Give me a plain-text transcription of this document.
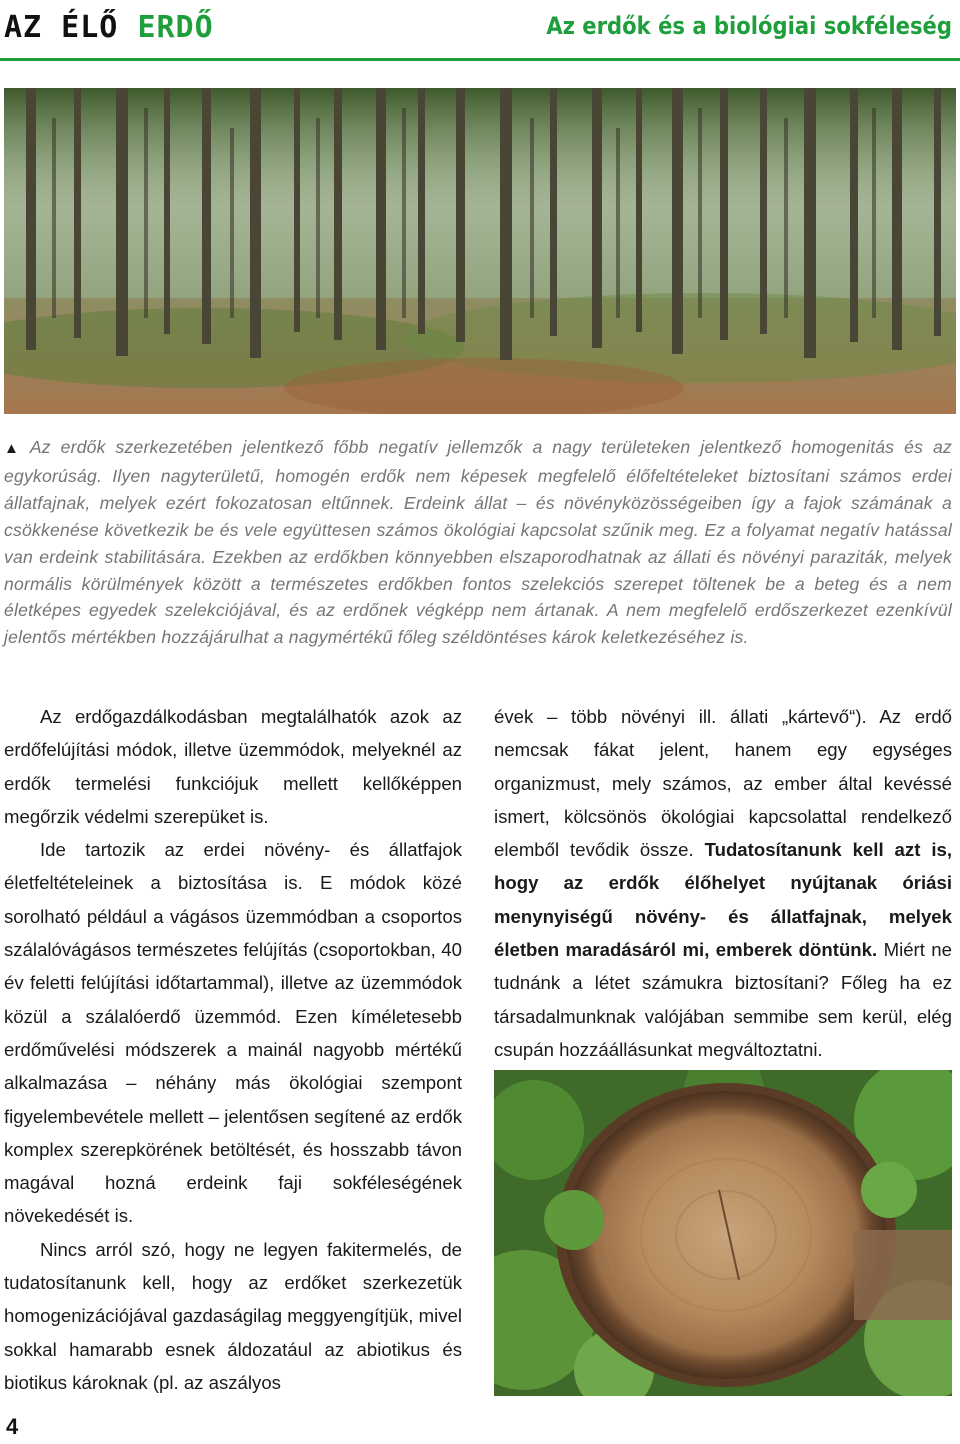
AZ ÉLŐ ERDŐ	Az erdők és a biológiai sokféleség
▲ Az erdők szerkezetében jelentkező főbb negatív jellemzők a nagy területeken jelentkező homogenitás és az egykorúság. Ilyen nagyterületű, homogén erdők nem képesek megfelelő élőfeltételeket biztosítani számos erdei állatfajnak, melyek ezért fokozatosan eltűnnek. Erdeink állat – és növényközösségeiben így a fajok számának a csökkenése következik be és vele együttesen számos ökológiai kapcsolat szűnik meg. Ez a folyamat negatív hatással van erdeink stabilitására. Ezekben az erdőkben könnyebben elszaporodhatnak az állati és növényi paraziták, melyek normális körülmények között a természetes erdőkben fontos szelekciós szerepet töltenek be a beteg és a nem életképes egyedek szelekciójával, és az erdőnek végképp nem ártanak. A nem megfelelő erdőszerkezet ezenkívül jelentős mértékben hozzájárulhat a nagymértékű főleg széldöntéses károk keletkezéséhez is.

Az erdőgazdálkodásban megtalálhatók azok az erdőfelújítási módok, illetve üzemmódok, melyeknél az erdők termelési funkciójuk mellett kellőképpen megőrzik védelmi szerepüket is.

Ide tartozik az erdei növény- és állatfajok életfeltételeinek a biztosítása is. E módok közé sorolható például a vágásos üzemmódban a csoportos szálalóvágásos természetes felújítás (csoportokban, 40 év feletti felújítási időtartammal), illetve az üzemmódok közül a szálalóerdő üzemmód. Ezen kíméletesebb erdőművelési módszerek a mainál nagyobb mértékű alkalmazása – néhány más ökológiai szempont figyelembevétele mellett – jelentősen segítené az erdők komplex szerepkörének betöltését, és hosszabb távon magával hozná erdeink faji sokféleségének növekedését is.

Nincs arról szó, hogy ne legyen fakitermelés, de tudatosítanunk kell, hogy az erdőket szerkezetük homogenizációjával gazdaságilag meggyengítjük, mivel sokkal hamarabb esnek áldozatául az abiotikus és biotikus károknak (pl. az aszályos

évek – több növényi ill. állati „kártevő“). Az erdő nemcsak fákat jelent, hanem egy egységes organizmust, mely számos, az ember által kevéssé ismert, kölcsönös ökológiai kapcsolattal rendelkező elemből tevődik össze. Tudatosítanunk kell azt is, hogy az erdők élőhelyet nyújtanak óriási menynyiségű növény- és állatfajnak, melyek életben maradásáról mi, emberek döntünk. Miért ne tudnánk a létet számukra biztosítani? Főleg ha ez társadalmunknak valójában semmibe sem kerül, elég csupán hozzáállásunkat megváltoztatni.

4
